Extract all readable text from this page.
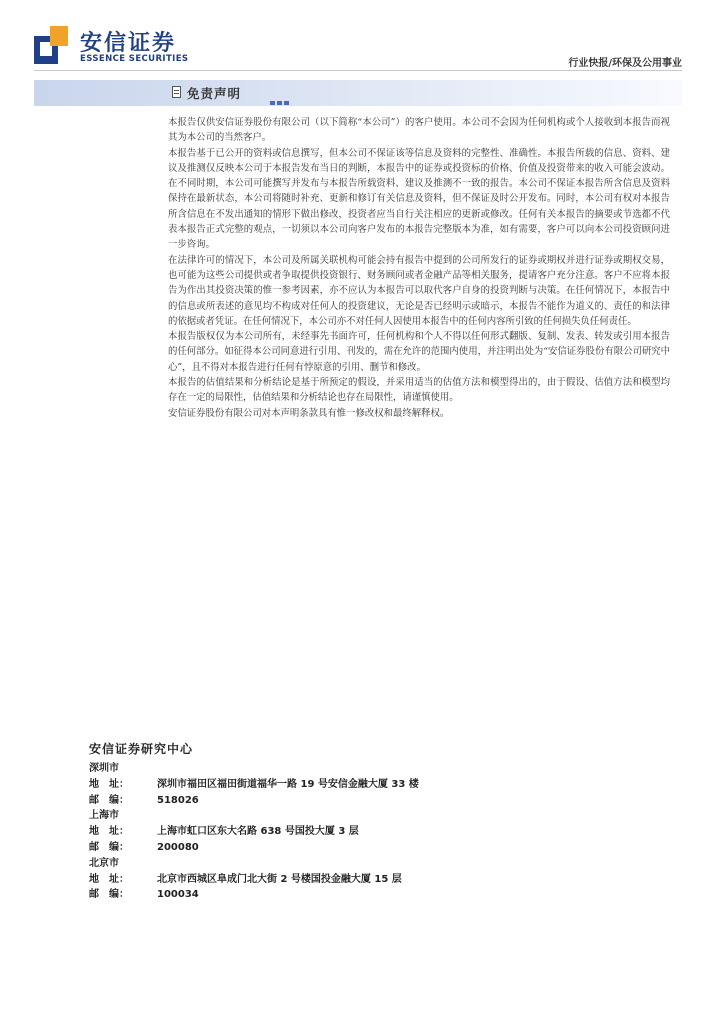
安信证券
ESSENCE SECURITIES	行业快报/环保及公用事业
免责声明

本报告仅供安信证券股份有限公司（以下简称“本公司”）的客户使用。本公司不会因为任何机构或个人接收到本报告而视其为本公司的当然客户。

本报告基于已公开的资料或信息撰写，但本公司不保证该等信息及资料的完整性、准确性。本报告所载的信息、资料、建议及推测仅反映本公司于本报告发布当日的判断，本报告中的证券或投资标的价格、价值及投资带来的收入可能会波动。在不同时期，本公司可能撰写并发布与本报告所载资料、建议及推测不一致的报告。本公司不保证本报告所含信息及资料保持在最新状态，本公司将随时补充、更新和修订有关信息及资料，但不保证及时公开发布。同时，本公司有权对本报告所含信息在不发出通知的情形下做出修改，投资者应当自行关注相应的更新或修改。任何有关本报告的摘要或节选都不代表本报告正式完整的观点，一切须以本公司向客户发布的本报告完整版本为准，如有需要，客户可以向本公司投资顾问进一步咨询。

在法律许可的情况下，本公司及所属关联机构可能会持有报告中提到的公司所发行的证券或期权并进行证券或期权交易，也可能为这些公司提供或者争取提供投资银行、财务顾问或者金融产品等相关服务，提请客户充分注意。客户不应将本报告为作出其投资决策的惟一参考因素，亦不应认为本报告可以取代客户自身的投资判断与决策。在任何情况下，本报告中的信息或所表述的意见均不构成对任何人的投资建议，无论是否已经明示或暗示，本报告不能作为道义的、责任的和法律的依据或者凭证。在任何情况下，本公司亦不对任何人因使用本报告中的任何内容所引致的任何损失负任何责任。

本报告版权仅为本公司所有，未经事先书面许可，任何机构和个人不得以任何形式翻版、复制、发表、转发或引用本报告的任何部分。如征得本公司同意进行引用、刊发的，需在允许的范围内使用，并注明出处为“安信证券股份有限公司研究中心”，且不得对本报告进行任何有悖原意的引用、删节和修改。

本报告的估值结果和分析结论是基于所预定的假设，并采用适当的估值方法和模型得出的，由于假设、估值方法和模型均存在一定的局限性，估值结果和分析结论也存在局限性，请谨慎使用。

安信证券股份有限公司对本声明条款具有惟一修改权和最终解释权。

安信证券研究中心
深圳市
地　址：	深圳市福田区福田街道福华一路 19 号安信金融大厦 33 楼
邮　编：	518026
上海市
地　址：	上海市虹口区东大名路 638 号国投大厦 3 层
邮　编：	200080
北京市
地　址：	北京市西城区阜成门北大街 2 号楼国投金融大厦 15 层
邮　编：	100034
